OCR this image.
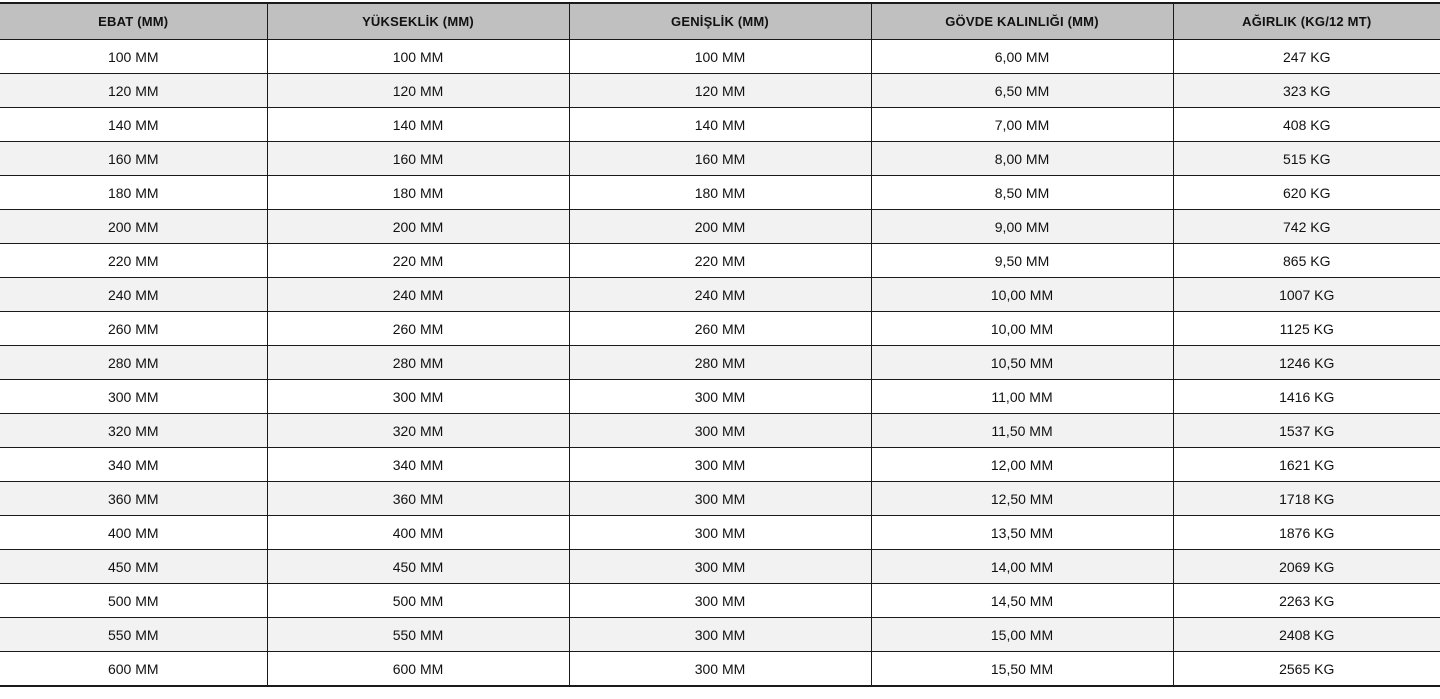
EBAT (MM)	YÜKSEKLİK (MM)	GENİŞLİK (MM)	GÖVDE KALINLIĞI (MM)	AĞIRLIK (KG/12 MT)
100 MM	100 MM	100 MM	6,00 MM	247 KG
120 MM	120 MM	120 MM	6,50 MM	323 KG
140 MM	140 MM	140 MM	7,00 MM	408 KG
160 MM	160 MM	160 MM	8,00 MM	515 KG
180 MM	180 MM	180 MM	8,50 MM	620 KG
200 MM	200 MM	200 MM	9,00 MM	742 KG
220 MM	220 MM	220 MM	9,50 MM	865 KG
240 MM	240 MM	240 MM	10,00 MM	1007 KG
260 MM	260 MM	260 MM	10,00 MM	1125 KG
280 MM	280 MM	280 MM	10,50 MM	1246 KG
300 MM	300 MM	300 MM	11,00 MM	1416 KG
320 MM	320 MM	300 MM	11,50 MM	1537 KG
340 MM	340 MM	300 MM	12,00 MM	1621 KG
360 MM	360 MM	300 MM	12,50 MM	1718 KG
400 MM	400 MM	300 MM	13,50 MM	1876 KG
450 MM	450 MM	300 MM	14,00 MM	2069 KG
500 MM	500 MM	300 MM	14,50 MM	2263 KG
550 MM	550 MM	300 MM	15,00 MM	2408 KG
600 MM	600 MM	300 MM	15,50 MM	2565 KG
